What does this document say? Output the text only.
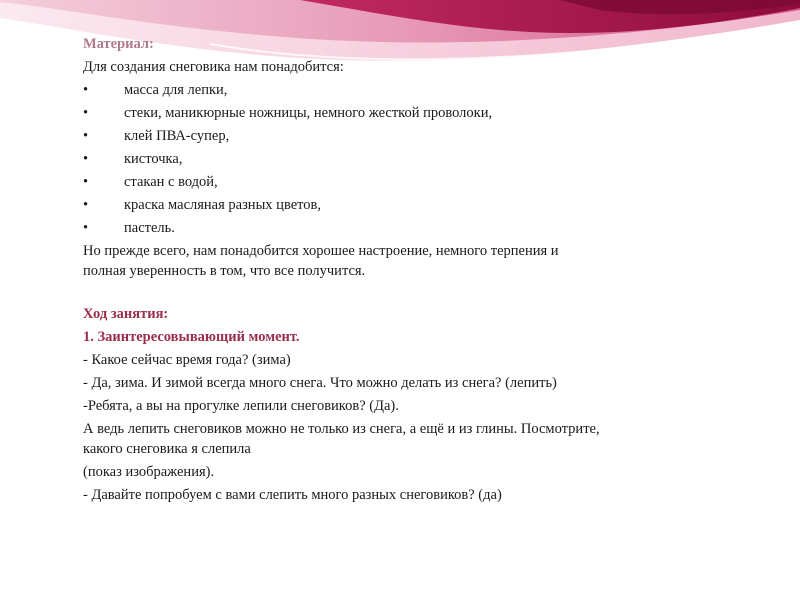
Материал:
Для создания снеговика нам понадобится:
•	масса для лепки,
•	стеки, маникюрные ножницы, немного жесткой проволоки,
•	клей ПВА-супер,
•	кисточка,
•	стакан с водой,
•	краска масляная разных цветов,
•	пастель.
Но прежде всего, нам понадобится хорошее настроение, немного терпения и
полная уверенность в том, что все получится.
Ход занятия:
1. Заинтересовывающий момент.
- Какое сейчас время года? (зима)
- Да, зима. И зимой всегда много снега. Что можно делать из снега? (лепить)
-Ребята, а вы на прогулке лепили снеговиков? (Да).
А ведь лепить снеговиков можно не только из снега, а ещё и из глины. Посмотрите,
какого снеговика я слепила
(показ изображения).
- Давайте попробуем с вами слепить много разных снеговиков? (да)
